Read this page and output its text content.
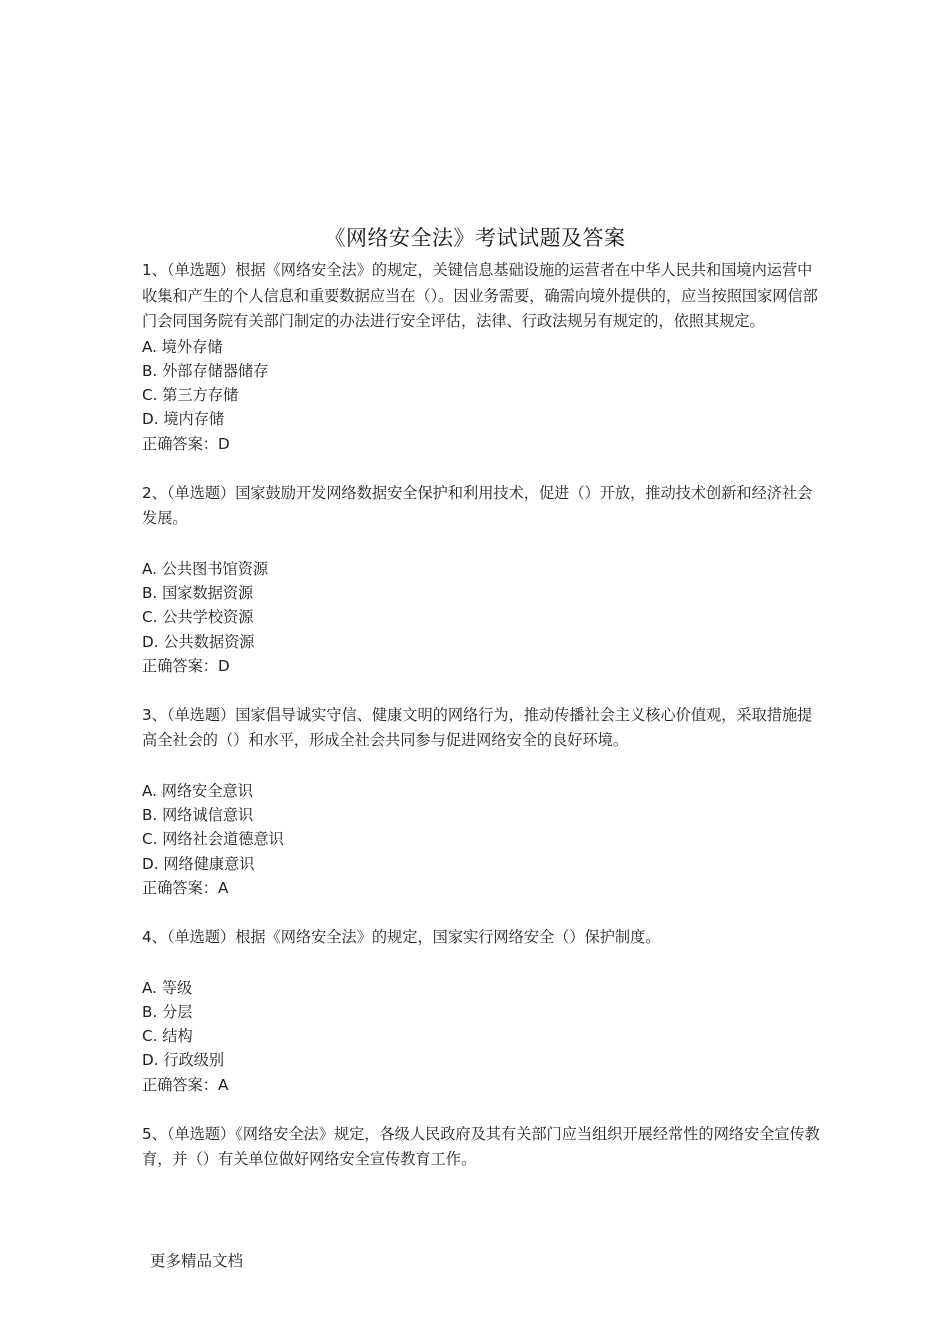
《网络安全法》考试试题及答案

1、（单选题）根据《网络安全法》的规定，关键信息基础设施的运营者在中华人民共和国境内运营中收集和产生的个人信息和重要数据应当在（）。因业务需要，确需向境外提供的，应当按照国家网信部门会同国务院有关部门制定的办法进行安全评估，法律、行政法规另有规定的，依照其规定。

A. 境外存储
B. 外部存储器储存
C. 第三方存储
D. 境内存储
正确答案：D

2、（单选题）国家鼓励开发网络数据安全保护和利用技术，促进（）开放，推动技术创新和经济社会发展。

A. 公共图书馆资源
B. 国家数据资源
C. 公共学校资源
D. 公共数据资源
正确答案：D

3、（单选题）国家倡导诚实守信、健康文明的网络行为，推动传播社会主义核心价值观，采取措施提高全社会的（）和水平，形成全社会共同参与促进网络安全的良好环境。

A. 网络安全意识
B. 网络诚信意识
C. 网络社会道德意识
D. 网络健康意识
正确答案：A

4、（单选题）根据《网络安全法》的规定，国家实行网络安全（）保护制度。

A. 等级
B. 分层
C. 结构
D. 行政级别
正确答案：A

5、（单选题）《网络安全法》规定，各级人民政府及其有关部门应当组织开展经常性的网络安全宣传教育，并（）有关单位做好网络安全宣传教育工作。

更多精品文档
